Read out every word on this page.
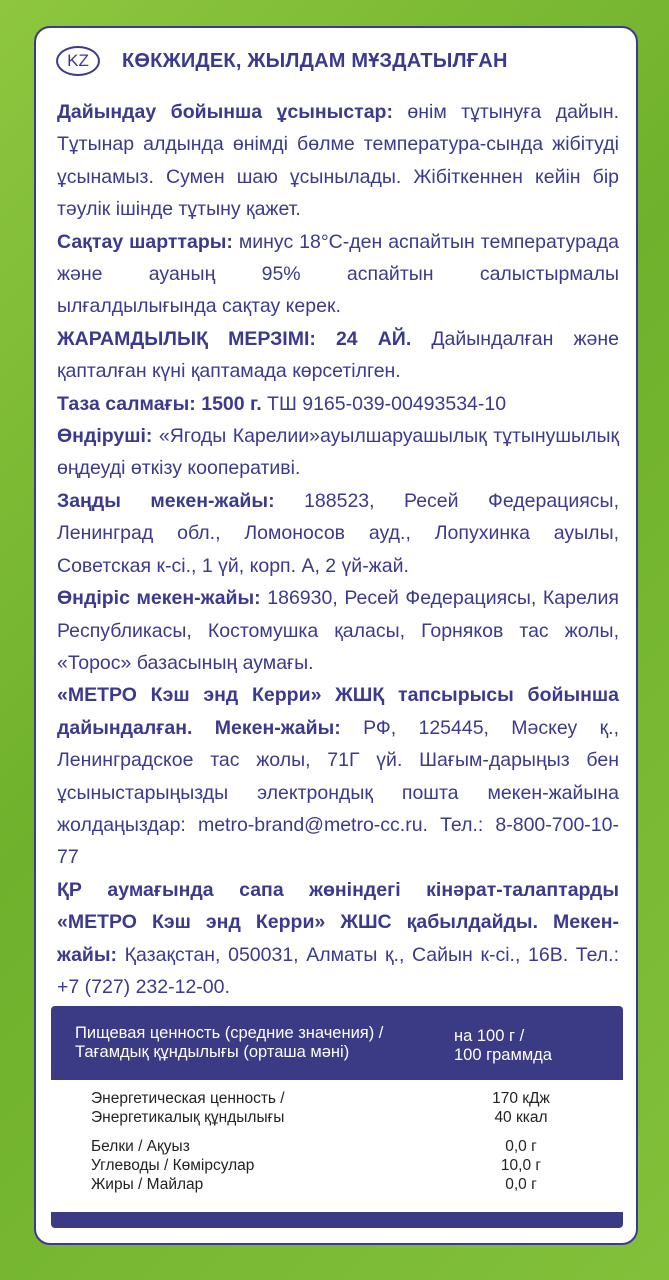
KZ	КӨКЖИДЕК, ЖЫЛДАМ МҰЗДАТЫЛҒАН

Дайындау бойынша ұсыныстар: өнім тұтынуға дайын. Тұтынар алдында өнімді бөлме температура-сында жібітуді ұсынамыз. Сумен шаю ұсынылады. Жібіткеннен кейін бір тәулік ішінде тұтыну қажет.

Сақтау шарттары: минус 18°С-ден аспайтын температурада және ауаның 95% аспайтын салыстырмалы ылғалдылығында сақтау керек.

ЖАРАМДЫЛЫҚ МЕРЗІМІ: 24 АЙ. Дайындалған және қапталған күні қаптамада көрсетілген.

Таза салмағы: 1500 г. ТШ 9165-039-00493534-10

Өндіруші: «Ягоды Карелии»ауылшаруашылық тұтынушылық өңдеуді өткізу кооперативі.

Заңды мекен-жайы: 188523, Ресей Федерациясы, Ленинград обл., Ломоносов ауд., Лопухинка ауылы, Советская к-сі., 1 үй, корп. А, 2 үй-жай.

Өндіріс мекен-жайы: 186930, Ресей Федерациясы, Карелия Республикасы, Костомушка қаласы, Горняков тас жолы, «Торос» базасының аумағы.

«МЕТРО Кэш энд Керри» ЖШҚ тапсырысы бойынша дайындалған. Мекен-жайы: РФ, 125445, Мәскеу қ., Ленинградское тас жолы, 71Г үй. Шағым-дарыңыз бен ұсыныстарыңызды электрондық пошта мекен-жайына жолдаңыздар: metro-brand@metro-cc.ru. Тел.: 8-800-700-10-77

ҚР аумағында сапа жөніндегі кінәрат-талаптарды «МЕТРО Кэш энд Керри» ЖШС қабылдайды. Мекен-жайы: Қазақстан, 050031, Алматы қ., Сайын к-сі., 16В. Тел.: +7 (727) 232-12-00.

Пищевая ценность (средние значения) /
Тағамдық құндылығы (орташа мәні)
на 100 г /
100 граммда
Энергетическая ценность /	170 кДж
Энергетикалық құндылығы	40 ккал
Белки / Ақуыз	0,0 г
Углеводы / Көмірсулар	10,0 г
Жиры / Майлар	0,0 г
